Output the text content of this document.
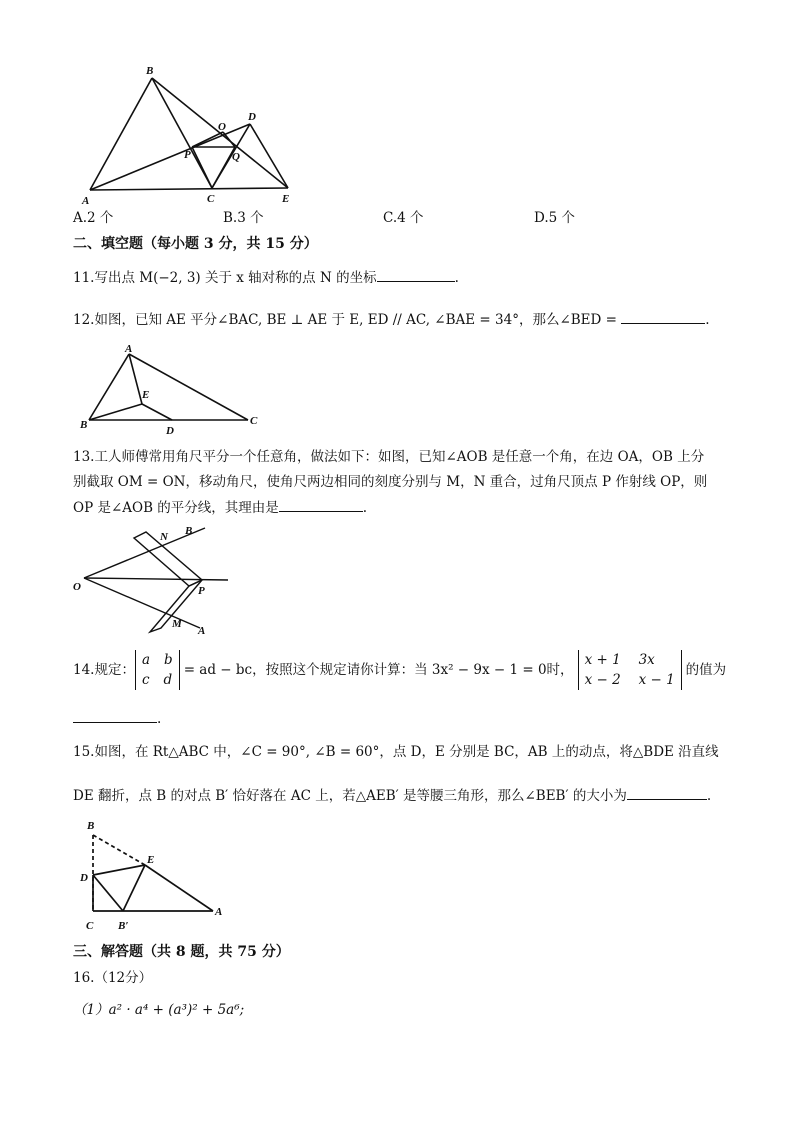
B
D
O
P	Q
A	C	E
A.2 个	B.3 个	C.4 个	D.5 个
二、填空题（每小题 3 分，共 15 分）
11.写出点 M(−2, 3) 关于 x 轴对称的点 N 的坐标	.
12.如图，已知 AE 平分∠BAC, BE ⊥ AE 于 E, ED // AC, ∠BAE = 34°，那么∠BED =	.
A
E
B	D
C
13.工人师傅常用角尺平分一个任意角，做法如下：如图，已知∠AOB 是任意一个角，在边 OA，OB 上分
别截取 OM = ON，移动角尺，使角尺两边相同的刻度分别与 M，N 重合，过角尺顶点 P 作射线 OP，则
OP 是∠AOB 的平分线，其理由是	.
O
N B
P
M
A
14.规定：
a b
c d
= ad − bc，按照这个规定请你计算：当 3x² − 9x − 1 = 0时，
x + 1 3x
x − 2 x − 1
的值为
.
15.如图，在 Rt△ABC 中，∠C = 90°, ∠B = 60°，点 D，E 分别是 BC，AB 上的动点，将△BDE 沿直线
DE 翻折，点 B 的对点 B′ 恰好落在 AC 上，若△AEB′ 是等腰三角形，那么∠BEB′ 的大小为	.
B
E
D
C B′
A
三、解答题（共 8 题，共 75 分）
16.（12分）
（1）a² · a⁴ + (a³)² + 5a⁶;
